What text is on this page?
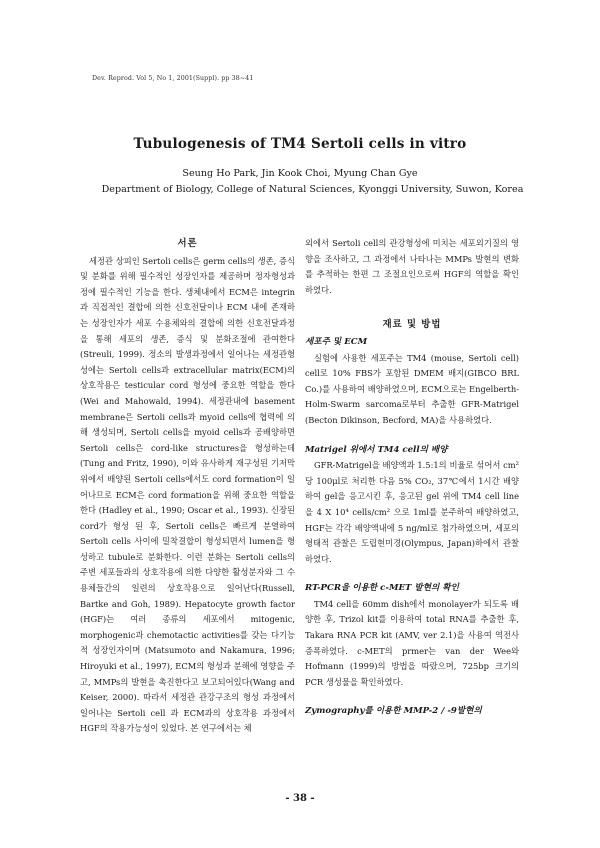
Dev. Reprod. Vol 5, No 1, 2001(Suppl). pp 38~41
Tubulogenesis of TM4 Sertoli cells in vitro
Seung Ho Park, Jin Kook Choi, Myung Chan Gye
Department of Biology, College of Natural Sciences, Kyonggi University, Suwon, Korea
서론

세정관 상피인 Sertoli cells은 germ cells의 생존, 증식 및 분화를 위해 필수적인 성장인자를 제공하며 정자형성과정에 필수적인 기능을 한다. 생체내에서 ECM은 integrin과 직접적인 결합에 의한 신호전달이나 ECM 내에 존재하는 성장인자가 세포 수용체와의 결합에 의한 신호전달과정을 통해 세포의 생존, 증식 및 분화조절에 관여한다(Streuli, 1999). 정소의 발생과정에서 일어나는 세정관형성에는 Sertoli cells과 extracellular matrix(ECM)의 상호작용은 testicular cord 형성에 중요한 역할을 한다 (Wei and Mahowald, 1994). 세정관내에 basement membrane은 Sertoli cells과 myoid cells에 협력에 의해 생성되며, Sertoli cells을 myoid cells과 공배양하면 Sertoli cells은 cord-like structures을 형성하는데 (Tung and Fritz, 1990), 이와 유사하게 재구성된 기저막위에서 배양된 Sertoli cells에서도 cord formation이 일어나므로 ECM은 cord formation을 위해 중요한 역할을 한다 (Hadley et al., 1990; Oscar et al., 1993). 신장된 cord가 형성 된 후, Sertoli cells은 빠르게 분열하여 Sertoli cells 사이에 밀착결합이 형성되면서 lumen을 형성하고 tubule로 분화한다. 이런 분화는 Sertoli cells의 주변 세포들과의 상호작용에 의한 다양한 활성분자와 그 수용체들간의 일련의 상호작용으로 일어난다(Russell, Bartke and Goh, 1989). Hepatocyte growth factor (HGF)는 여러 종류의 세포에서 mitogenic, morphogenic과 chemotactic activities를 갖는 다기능적 성장인자이며 (Matsumoto and Nakamura, 1996; Hiroyuki et al., 1997), ECM의 형성과 분해에 영향을 주고, MMPs의 발현을 촉진한다고 보고되어있다(Wang and Keiser, 2000). 따라서 세정관 관강구조의 형성 과정에서 일어나는 Sertoli cell 과 ECM과의 상호작용 과정에서 HGF의 작용가능성이 있었다. 본 연구에서는 체

외에서 Sertoli cell의 관강형성에 미치는 세포외기질의 영향을 조사하고, 그 과정에서 나타나는 MMPs 발현의 변화를 추적하는 한편 그 조절요인으로써 HGF의 역할을 확인하였다.

재료 및 방법
세포주 및 ECM

실험에 사용한 세포주는 TM4 (mouse, Sertoli cell) cell로 10% FBS가 포함된 DMEM 배지(GIBCO BRL Co.)를 사용하여 배양하였으며, ECM으로는 Engelberth-Holm-Swarm sarcoma로부터 추출한 GFR-Matrigel (Becton Dikinson, Becford, MA)을 사용하였다.

Matrigel 위에서 TM4 cell의 배양

GFR-Matrigel을 배양액과 1.5:1의 비율로 섞어서 cm²당 100μl로 처리한 다음 5% CO₂, 37℃에서 1시간 배양하여 gel을 응고시킨 후, 응고된 gel 위에 TM4 cell line을 4 X 10⁴ cells/cm² 으로 1ml를 분주하여 배양하였고, HGF는 각각 배양액내에 5 ng/ml로 첨가하였으며, 세포의 형태적 관찰은 도립현미경(Olympus, Japan)하에서 관찰하였다.

RT-PCR을 이용한 c-MET 발현의 확인

TM4 cell을 60mm dish에서 monolayer가 되도록 배양한 후, Trizol kit를 이용하여 total RNA를 추출한 후, Takara RNA PCR kit (AMV, ver 2.1)을 사용여 역전사 증폭하였다. c-MET의 prmer는 van der Wee와 Hofmann (1999)의 방법을 따랐으며, 725bp 크기의 PCR 생성물을 확인하였다.

Zymography를 이용한 MMP-2 / -9발현의
- 38 -
